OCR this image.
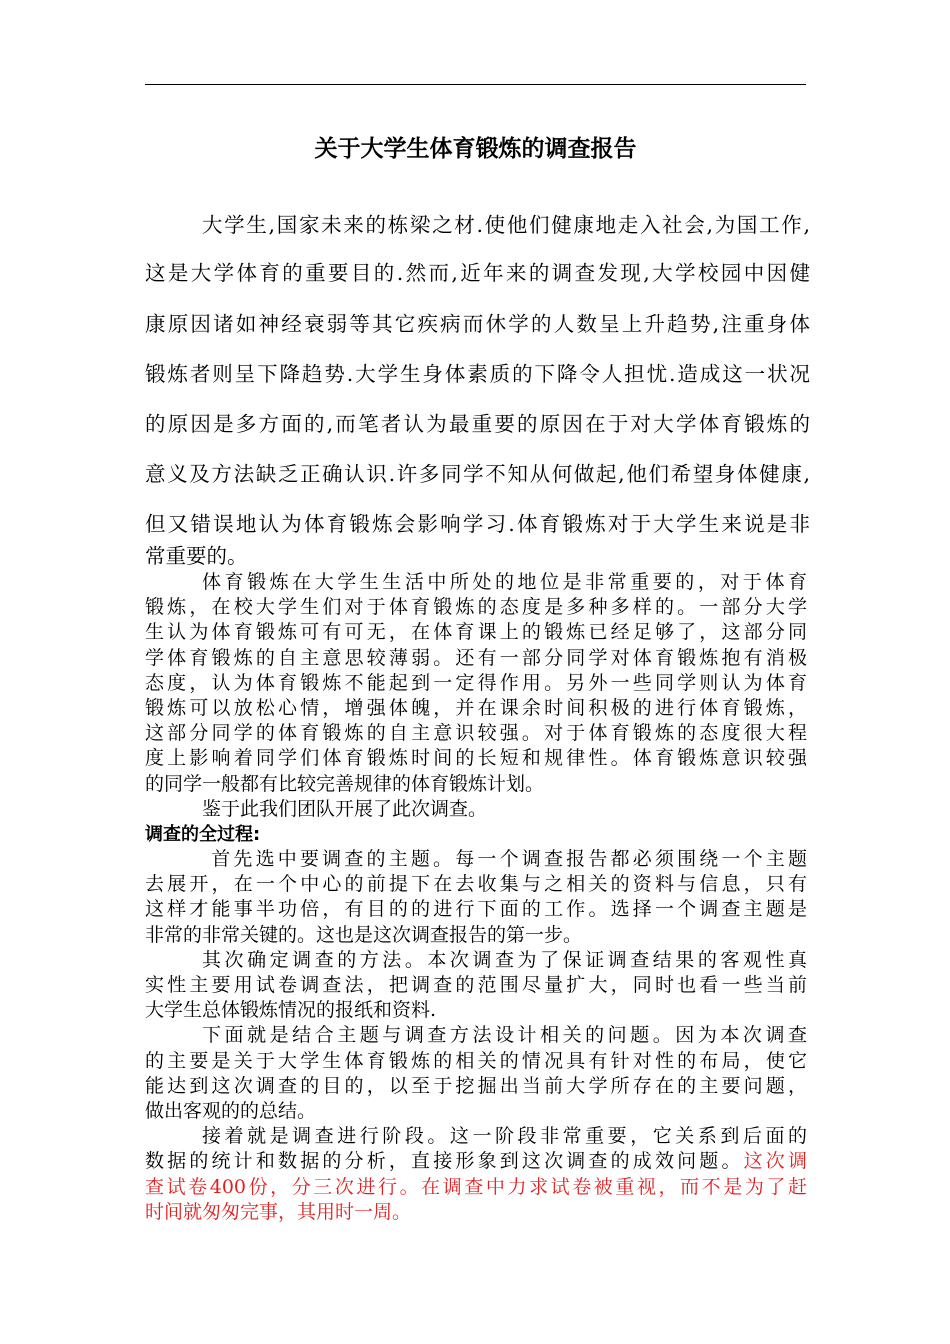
关于大学生体育锻炼的调查报告
大学生,国家未来的栋梁之材.使他们健康地走入社会,为国工作,
这是大学体育的重要目的.然而,近年来的调查发现,大学校园中因健
康原因诸如神经衰弱等其它疾病而休学的人数呈上升趋势,注重身体
锻炼者则呈下降趋势.大学生身体素质的下降令人担忧.造成这一状况
的原因是多方面的,而笔者认为最重要的原因在于对大学体育锻炼的
意义及方法缺乏正确认识.许多同学不知从何做起,他们希望身体健康,
但又错误地认为体育锻炼会影响学习.体育锻炼对于大学生来说是非
常重要的。
体育锻炼在大学生生活中所处的地位是非常重要的，对于体育
锻炼，在校大学生们对于体育锻炼的态度是多种多样的。一部分大学
生认为体育锻炼可有可无，在体育课上的锻炼已经足够了，这部分同
学体育锻炼的自主意思较薄弱。还有一部分同学对体育锻炼抱有消极
态度，认为体育锻炼不能起到一定得作用。另外一些同学则认为体育
锻炼可以放松心情，增强体魄，并在课余时间积极的进行体育锻炼，
这部分同学的体育锻炼的自主意识较强。对于体育锻炼的态度很大程
度上影响着同学们体育锻炼时间的长短和规律性。体育锻炼意识较强
的同学一般都有比较完善规律的体育锻炼计划。
鉴于此我们团队开展了此次调查。
调查的全过程:
首先选中要调查的主题。每一个调查报告都必须围绕一个主题
去展开，在一个中心的前提下在去收集与之相关的资料与信息，只有
这样才能事半功倍，有目的的进行下面的工作。选择一个调查主题是
非常的非常关键的。这也是这次调查报告的第一步。
其次确定调查的方法。本次调查为了保证调查结果的客观性真
实性主要用试卷调查法，把调查的范围尽量扩大，同时也看一些当前
大学生总体锻炼情况的报纸和资料.
下面就是结合主题与调查方法设计相关的问题。因为本次调查
的主要是关于大学生体育锻炼的相关的情况具有针对性的布局，使它
能达到这次调查的目的，以至于挖掘出当前大学所存在的主要问题，
做出客观的的总结。
接着就是调查进行阶段。这一阶段非常重要，它关系到后面的
数据的统计和数据的分析，直接形象到这次调查的成效问题。这次调
查试卷400份，分三次进行。在调查中力求试卷被重视，而不是为了赶
时间就匆匆完事，其用时一周。
